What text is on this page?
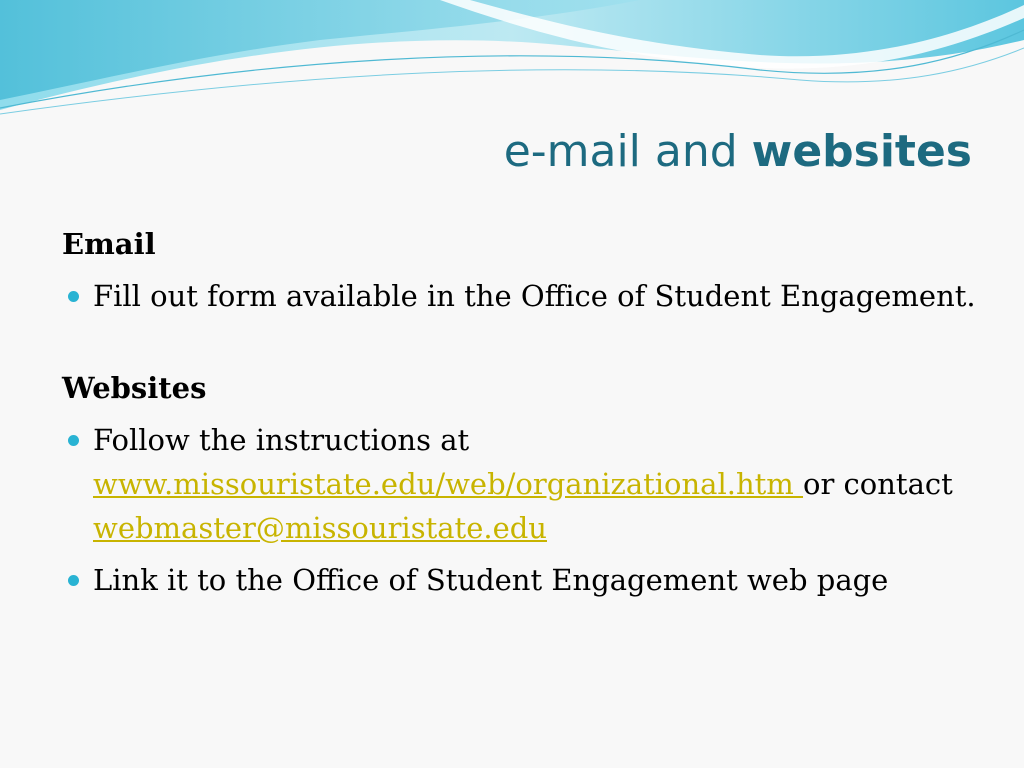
e-mail and websites

Email

Fill out form available in the Office of Student Engagement.

Websites

Follow the instructions at
www.missouristate.edu/web/organizational.htm or contact webmaster@missouristate.edu
Link it to the Office of Student Engagement web page
